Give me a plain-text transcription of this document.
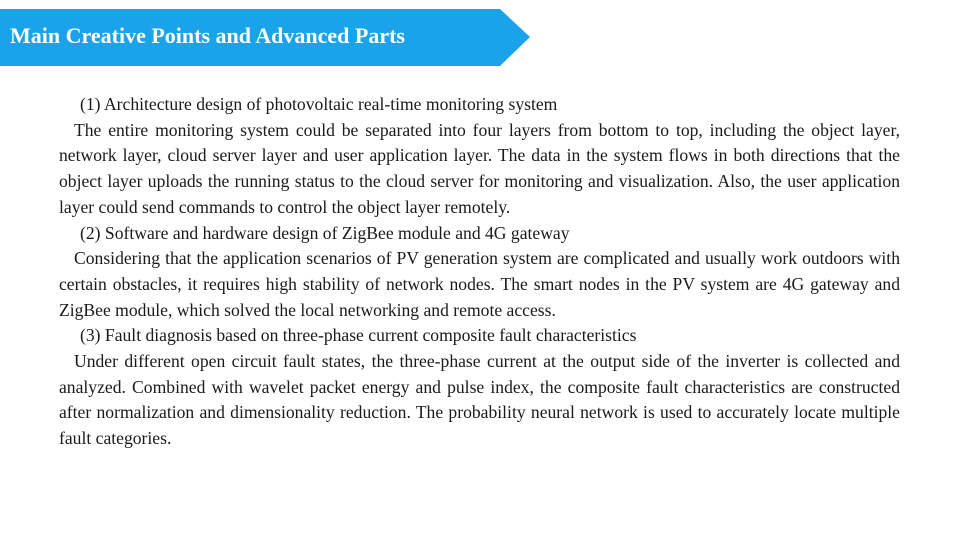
Main Creative Points and Advanced Parts

(1) Architecture design of photovoltaic real-time monitoring system

The entire monitoring system could be separated into four layers from bottom to top, including the object layer, network layer, cloud server layer and user application layer. The data in the system flows in both directions that the object layer uploads the running status to the cloud server for monitoring and visualization. Also, the user application layer could send commands to control the object layer remotely.

(2) Software and hardware design of ZigBee module and 4G gateway

Considering that the application scenarios of PV generation system are complicated and usually work outdoors with certain obstacles, it requires high stability of network nodes. The smart nodes in the PV system are 4G gateway and ZigBee module, which solved the local networking and remote access.

(3) Fault diagnosis based on three-phase current composite fault characteristics

Under different open circuit fault states, the three-phase current at the output side of the inverter is collected and analyzed. Combined with wavelet packet energy and pulse index, the composite fault characteristics are constructed after normalization and dimensionality reduction. The probability neural network is used to accurately locate multiple fault categories.
